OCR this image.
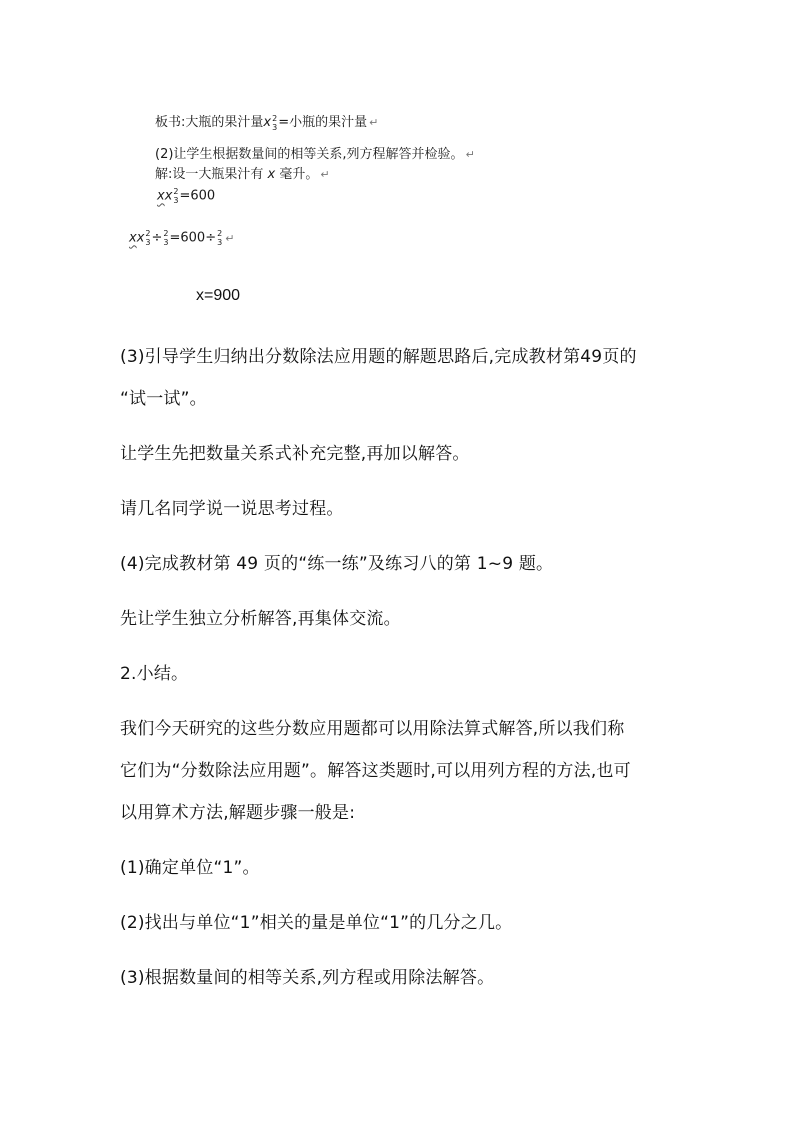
板书:大瓶的果汁量x 2
3 =小瓶的果汁量 ↵
(2)让学生根据数量间的相等关系,列方程解答并检验。 ↵
解:设一大瓶果汁有 x 毫升。 ↵
xx 2
3 =600
xx 2
3 ÷ 2
3 =600÷ 2
3 ↵
x=900
(3)引导学生归纳出分数除法应用题的解题思路后,完成教材第49页的
“试一试”。
让学生先把数量关系式补充完整,再加以解答。
请几名同学说一说思考过程。
(4)完成教材第 49 页的“练一练”及练习八的第 1~9 题。
先让学生独立分析解答,再集体交流。
2.小结。
我们今天研究的这些分数应用题都可以用除法算式解答,所以我们称
它们为“分数除法应用题”。解答这类题时,可以用列方程的方法,也可
以用算术方法,解题步骤一般是:
(1)确定单位“1”。
(2)找出与单位“1”相关的量是单位“1”的几分之几。
(3)根据数量间的相等关系,列方程或用除法解答。
